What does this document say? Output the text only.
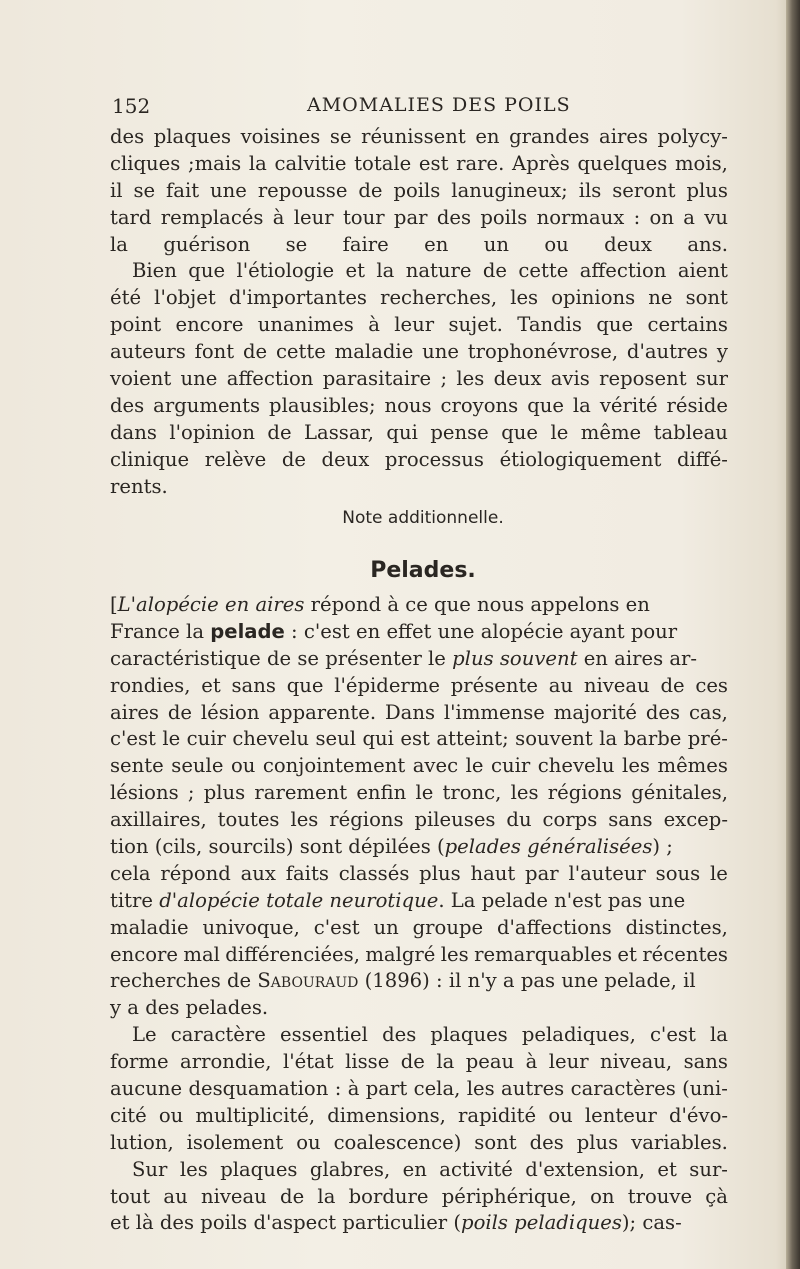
152	AMOMALIES DES POILS
des plaques voisines se réunissent en grandes aires polycy-
cliques ;mais la calvitie totale est rare. Après quelques mois,
il se fait une repousse de poils lanugineux; ils seront plus
tard remplacés à leur tour par des poils normaux : on a vu
la guérison se faire en un ou deux ans.
Bien que l'étiologie et la nature de cette affection aient
été l'objet d'importantes recherches, les opinions ne sont
point encore unanimes à leur sujet. Tandis que certains
auteurs font de cette maladie une trophonévrose, d'autres y
voient une affection parasitaire ; les deux avis reposent sur
des arguments plausibles; nous croyons que la vérité réside
dans l'opinion de Lassar, qui pense que le même tableau
clinique relève de deux processus étiologiquement diffé-
rents.
Note additionnelle.
Pelades.
[L'alopécie en aires répond à ce que nous appelons en
France la pelade : c'est en effet une alopécie ayant pour
caractéristique de se présenter le plus souvent en aires ar-
rondies, et sans que l'épiderme présente au niveau de ces
aires de lésion apparente. Dans l'immense majorité des cas,
c'est le cuir chevelu seul qui est atteint; souvent la barbe pré-
sente seule ou conjointement avec le cuir chevelu les mêmes
lésions ; plus rarement enfin le tronc, les régions génitales,
axillaires, toutes les régions pileuses du corps sans excep-
tion (cils, sourcils) sont dépilées (pelades généralisées) ;
cela répond aux faits classés plus haut par l'auteur sous le
titre d'alopécie totale neurotique. La pelade n'est pas une
maladie univoque, c'est un groupe d'affections distinctes,
encore mal différenciées, malgré les remarquables et récentes
recherches de Sabouraud (1896) : il n'y a pas une pelade, il
y a des pelades.
Le caractère essentiel des plaques peladiques, c'est la
forme arrondie, l'état lisse de la peau à leur niveau, sans
aucune desquamation : à part cela, les autres caractères (uni-
cité ou multiplicité, dimensions, rapidité ou lenteur d'évo-
lution, isolement ou coalescence) sont des plus variables.
Sur les plaques glabres, en activité d'extension, et sur-
tout au niveau de la bordure périphérique, on trouve çà
et là des poils d'aspect particulier (poils peladiques); cas-
